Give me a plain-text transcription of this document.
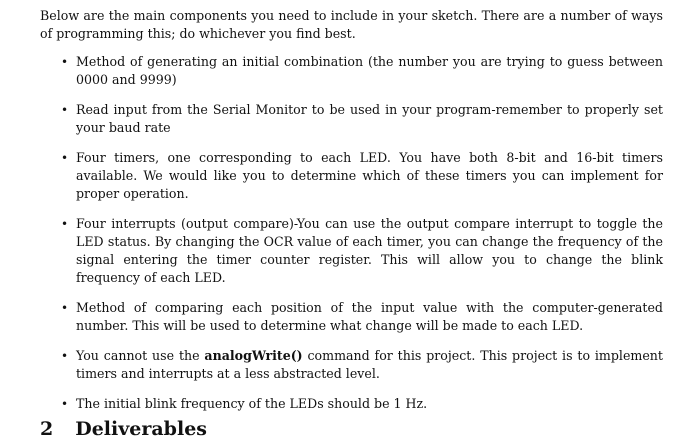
Below are the main components you need to include in your sketch. There are a number of ways of programming this; do whichever you find best.

• Method of generating an initial combination (the number you are trying to guess between 0000 and 9999)
• Read input from the Serial Monitor to be used in your program-remember to properly set your baud rate
• Four timers, one corresponding to each LED. You have both 8-bit and 16-bit timers available. We would like you to determine which of these timers you can implement for proper operation.
• Four interrupts (output compare)-You can use the output compare interrupt to toggle the LED status. By changing the OCR value of each timer, you can change the frequency of the signal entering the timer counter register. This will allow you to change the blink frequency of each LED.
• Method of comparing each position of the input value with the computer-generated number. This will be used to determine what change will be made to each LED.
• You cannot use the analogWrite() command for this project. This project is to implement timers and interrupts at a less abstracted level.
• The initial blink frequency of the LEDs should be 1 Hz.
2 Deliverables
